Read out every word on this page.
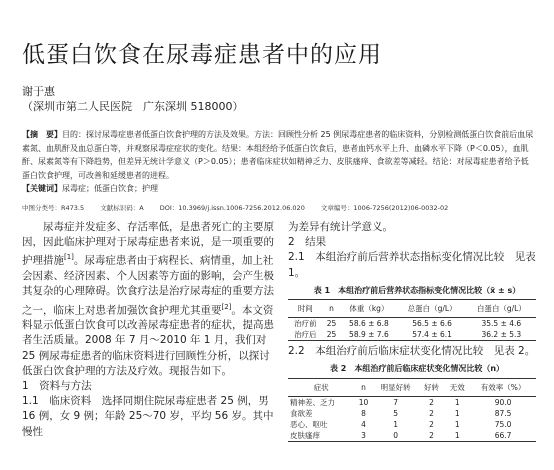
低蛋白饮食在尿毒症患者中的应用
谢于惠
（深圳市第二人民医院　广东深圳 518000）
【摘　要】目的：探讨尿毒症患者低蛋白饮食护理的方法及效果。方法：回顾性分析 25 例尿毒症患者的临床资料，分别检测低蛋白饮食前后血尿素氮、血肌酐及血总蛋白等，并观察尿毒症症状的变化。结果：本组经给予低蛋白饮食后，患者血钙水平上升、血磷水平下降（P＜0.05），血肌酐、尿素氮等有下降趋势，但差异无统计学意义（P＞0.05）；患者临床症状如精神乏力、皮肤瘙痒、食欲差等减轻。结论：对尿毒症患者给予低蛋白饮食护理，可改善和延缓患者的进程。
【关键词】尿毒症；低蛋白饮食；护理
中图分类号：R473.5 文献标识码：A DOI：10.3969/j.issn.1006-7256.2012.06.020 文章编号：1006-7256(2012)06-0032-02

尿毒症并发症多、存活率低，是患者死亡的主要原因，因此临床护理对于尿毒症患者来说，是一项重要的护理措施[1]。尿毒症患者由于病程长、病情重，加上社会因素、经济因素、个人因素等方面的影响，会产生极其复杂的心理障碍。饮食疗法是治疗尿毒症的重要方法之一，临床上对患者加强饮食护理尤其重要[2]。本文资料显示低蛋白饮食可以改善尿毒症患者的症状，提高患者生活质量。2008 年 7 月～2010 年 1 月，我们对 25 例尿毒症患者的临床资料进行回顾性分析，以探讨低蛋白饮食护理的方法及疗效。现报告如下。

1　资料与方法

1.1　临床资料　选择同期住院尿毒症患者 25 例，男 16 例，女 9 例；年龄 25～70 岁，平均 56 岁。其中慢性

为差异有统计学意义。

2　结果

2.1　本组治疗前后营养状态指标变化情况比较　见表 1。

表 1　本组治疗前后营养状态指标变化情况比较（x̄ ± s）
时间	n	体重（kg）	总蛋白（g/L）	白蛋白（g/L）
治疗前	25	58.6 ± 6.8	56.5 ± 6.6	35.5 ± 4.6
治疗后	25	58.9 ± 7.6	57.4 ± 6.1	36.2 ± 5.3

2.2　本组治疗前后临床症状变化情况比较　见表 2。

表 2　本组治疗前后临床症状变化情况比较（n）
症状	n	明显好转	好转	无效	有效率（%）
精神差、乏力	10	7	2	1	90.0
食欲差	8	5	2	1	87.5
恶心、呕吐	4	1	2	1	75.0
皮肤瘙痒	3	0	2	1	66.7
